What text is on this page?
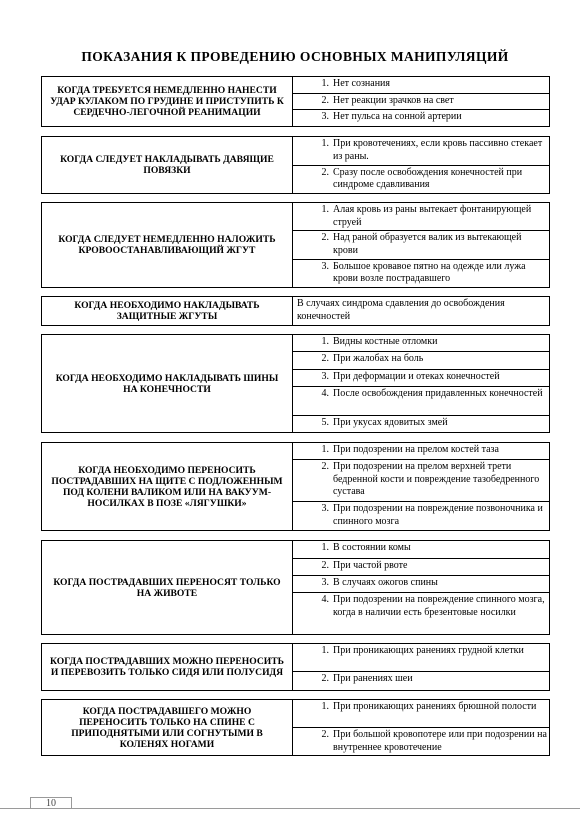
ПОКАЗАНИЯ К ПРОВЕДЕНИЮ ОСНОВНЫХ МАНИПУЛЯЦИЙ
КОГДА ТРЕБУЕТСЯ НЕМЕДЛЕННО НАНЕСТИ УДАР КУЛАКОМ ПО ГРУДИНЕ И ПРИСТУПИТЬ К СЕРДЕЧНО-ЛЕГОЧНОЙ РЕАНИМАЦИИ
1. Нет сознания
2. Нет реакции зрачков на свет
3. Нет пульса на сонной артерии
КОГДА СЛЕДУЕТ НАКЛАДЫВАТЬ ДАВЯЩИЕ ПОВЯЗКИ
1. При кровотечениях, если кровь пассивно стекает из раны.
2. Сразу после освобождения конечностей при синдроме сдавливания
КОГДА СЛЕДУЕТ НЕМЕДЛЕННО НАЛОЖИТЬ КРОВООСТАНАВЛИВАЮЩИЙ ЖГУТ
1. Алая кровь из раны вытекает фонтанирующей струей
2. Над раной образуется валик из вытекающей крови
3. Большое кровавое пятно на одежде или лужа крови возле пострадавшего
КОГДА НЕОБХОДИМО НАКЛАДЫВАТЬ ЗАЩИТНЫЕ ЖГУТЫ
В случаях синдрома сдавления до освобождения конечностей
КОГДА НЕОБХОДИМО НАКЛАДЫВАТЬ ШИНЫ НА КОНЕЧНОСТИ
1. Видны костные отломки
2. При жалобах на боль
3. При деформации и отеках конечностей
4. После освобождения придавленных конечностей
5. При укусах ядовитых змей
КОГДА НЕОБХОДИМО ПЕРЕНОСИТЬ ПОСТРАДАВШИХ НА ЩИТЕ С ПОДЛОЖЕННЫМ ПОД КОЛЕНИ ВАЛИКОМ ИЛИ НА ВАКУУМ-НОСИЛКАХ В ПОЗЕ «ЛЯГУШКИ»
1. При подозрении на прелом костей таза
2. При подозрении на прелом верхней трети бедренной кости и повреждение тазобедренного сустава
3. При подозрении на повреждение позвоночника и спинного мозга
КОГДА ПОСТРАДАВШИХ ПЕРЕНОСЯТ ТОЛЬКО НА ЖИВОТЕ
1. В состоянии комы
2. При частой рвоте
3. В случаях ожогов спины
4. При подозрении на повреждение спинного мозга, когда в наличии есть брезентовые носилки
КОГДА ПОСТРАДАВШИХ МОЖНО ПЕРЕНОСИТЬ И ПЕРЕВОЗИТЬ ТОЛЬКО СИДЯ ИЛИ ПОЛУСИДЯ
1. При проникающих ранениях грудной клетки
2. При ранениях шеи
КОГДА ПОСТРАДАВШЕГО МОЖНО ПЕРЕНОСИТЬ ТОЛЬКО НА СПИНЕ С ПРИПОДНЯТЫМИ ИЛИ СОГНУТЫМИ В КОЛЕНЯХ НОГАМИ
1. При проникающих ранениях брюшной полости
2. При большой кровопотере или при подозрении на внутреннее кровотечение
10
